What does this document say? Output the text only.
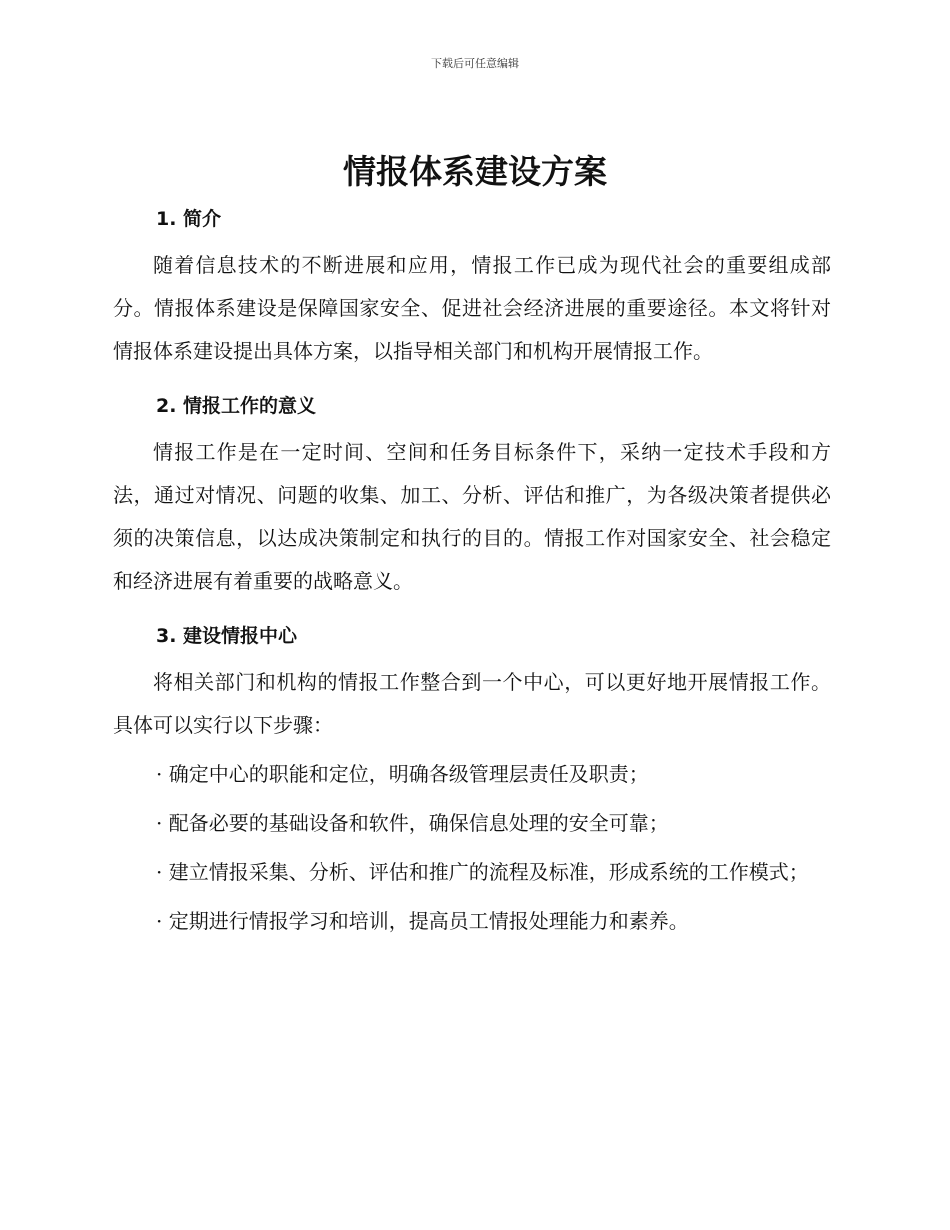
下载后可任意编辑
情报体系建设方案
1. 简介

随着信息技术的不断进展和应用，情报工作已成为现代社会的重要组成部分。情报体系建设是保障国家安全、促进社会经济进展的重要途径。本文将针对情报体系建设提出具体方案，以指导相关部门和机构开展情报工作。

2. 情报工作的意义

情报工作是在一定时间、空间和任务目标条件下，采纳一定技术手段和方法，通过对情况、问题的收集、加工、分析、评估和推广，为各级决策者提供必须的决策信息，以达成决策制定和执行的目的。情报工作对国家安全、社会稳定和经济进展有着重要的战略意义。

3. 建设情报中心

将相关部门和机构的情报工作整合到一个中心，可以更好地开展情报工作。具体可以实行以下步骤：

· 确定中心的职能和定位，明确各级管理层责任及职责；

· 配备必要的基础设备和软件，确保信息处理的安全可靠；

· 建立情报采集、分析、评估和推广的流程及标准，形成系统的工作模式；

· 定期进行情报学习和培训，提高员工情报处理能力和素养。
